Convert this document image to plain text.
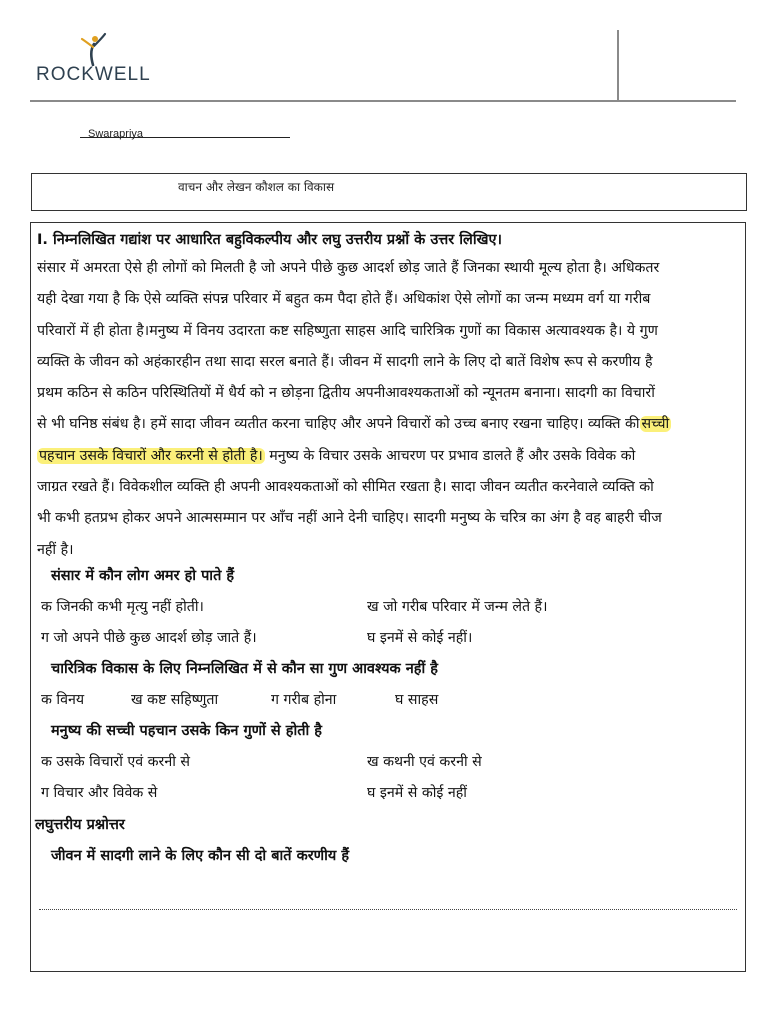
ROCKWELL
Swarapriya
वाचन और लेखन कौशल का विकास
I. निम्नलिखित गद्यांश पर आधारित बहुविकल्पीय और लघु उत्तरीय प्रश्नों के उत्तर लिखिए।

संसार में अमरता ऐसे ही लोगों को मिलती है जो अपने पीछे कुछ आदर्श छोड़ जाते हैं जिनका स्थायी मूल्य होता है। अधिकतर

यही देखा गया है कि ऐसे व्यक्ति संपन्न परिवार में बहुत कम पैदा होते हैं। अधिकांश ऐसे लोगों का जन्म मध्यम वर्ग या गरीब

परिवारों में ही होता है।मनुष्य में विनय उदारता कष्ट सहिष्णुता साहस आदि चारित्रिक गुणों का विकास अत्यावश्यक है। ये गुण

व्यक्ति के जीवन को अहंकारहीन तथा सादा सरल बनाते हैं। जीवन में सादगी लाने के लिए दो बातें विशेष रूप से करणीय है

प्रथम कठिन से कठिन परिस्थितियों में धैर्य को न छोड़ना द्वितीय अपनीआवश्यकताओं को न्यूनतम बनाना। सादगी का विचारों

से भी घनिष्ठ संबंध है। हमें सादा जीवन व्यतीत करना चाहिए और अपने विचारों को उच्च बनाए रखना चाहिए। व्यक्ति की सच्ची

पहचान उसके विचारों और करनी से होती है। मनुष्य के विचार उसके आचरण पर प्रभाव डालते हैं और उसके विवेक को

जाग्रत रखते हैं। विवेकशील व्यक्ति ही अपनी आवश्यकताओं को सीमित रखता है। सादा जीवन व्यतीत करनेवाले व्यक्ति को

भी कभी हतप्रभ होकर अपने आत्मसम्मान पर आँच नहीं आने देनी चाहिए। सादगी मनुष्य के चरित्र का अंग है वह बाहरी चीज

नहीं है।

संसार में कौन लोग अमर हो पाते हैं
क जिनकी कभी मृत्यु नहीं होती।	ख जो गरीब परिवार में जन्म लेते हैं।
ग जो अपने पीछे कुछ आदर्श छोड़ जाते हैं।	घ इनमें से कोई नहीं।
चारित्रिक विकास के लिए निम्नलिखित में से कौन सा गुण आवश्यक नहीं है
क विनय	ख कष्ट सहिष्णुता	ग गरीब होना	घ साहस
मनुष्य की सच्ची पहचान उसके किन गुणों से होती है
क उसके विचारों एवं करनी से	ख कथनी एवं करनी से
ग विचार और विवेक से	घ इनमें से कोई नहीं
लघुत्तरीय प्रश्नोत्तर
जीवन में सादगी लाने के लिए कौन सी दो बातें करणीय हैं
